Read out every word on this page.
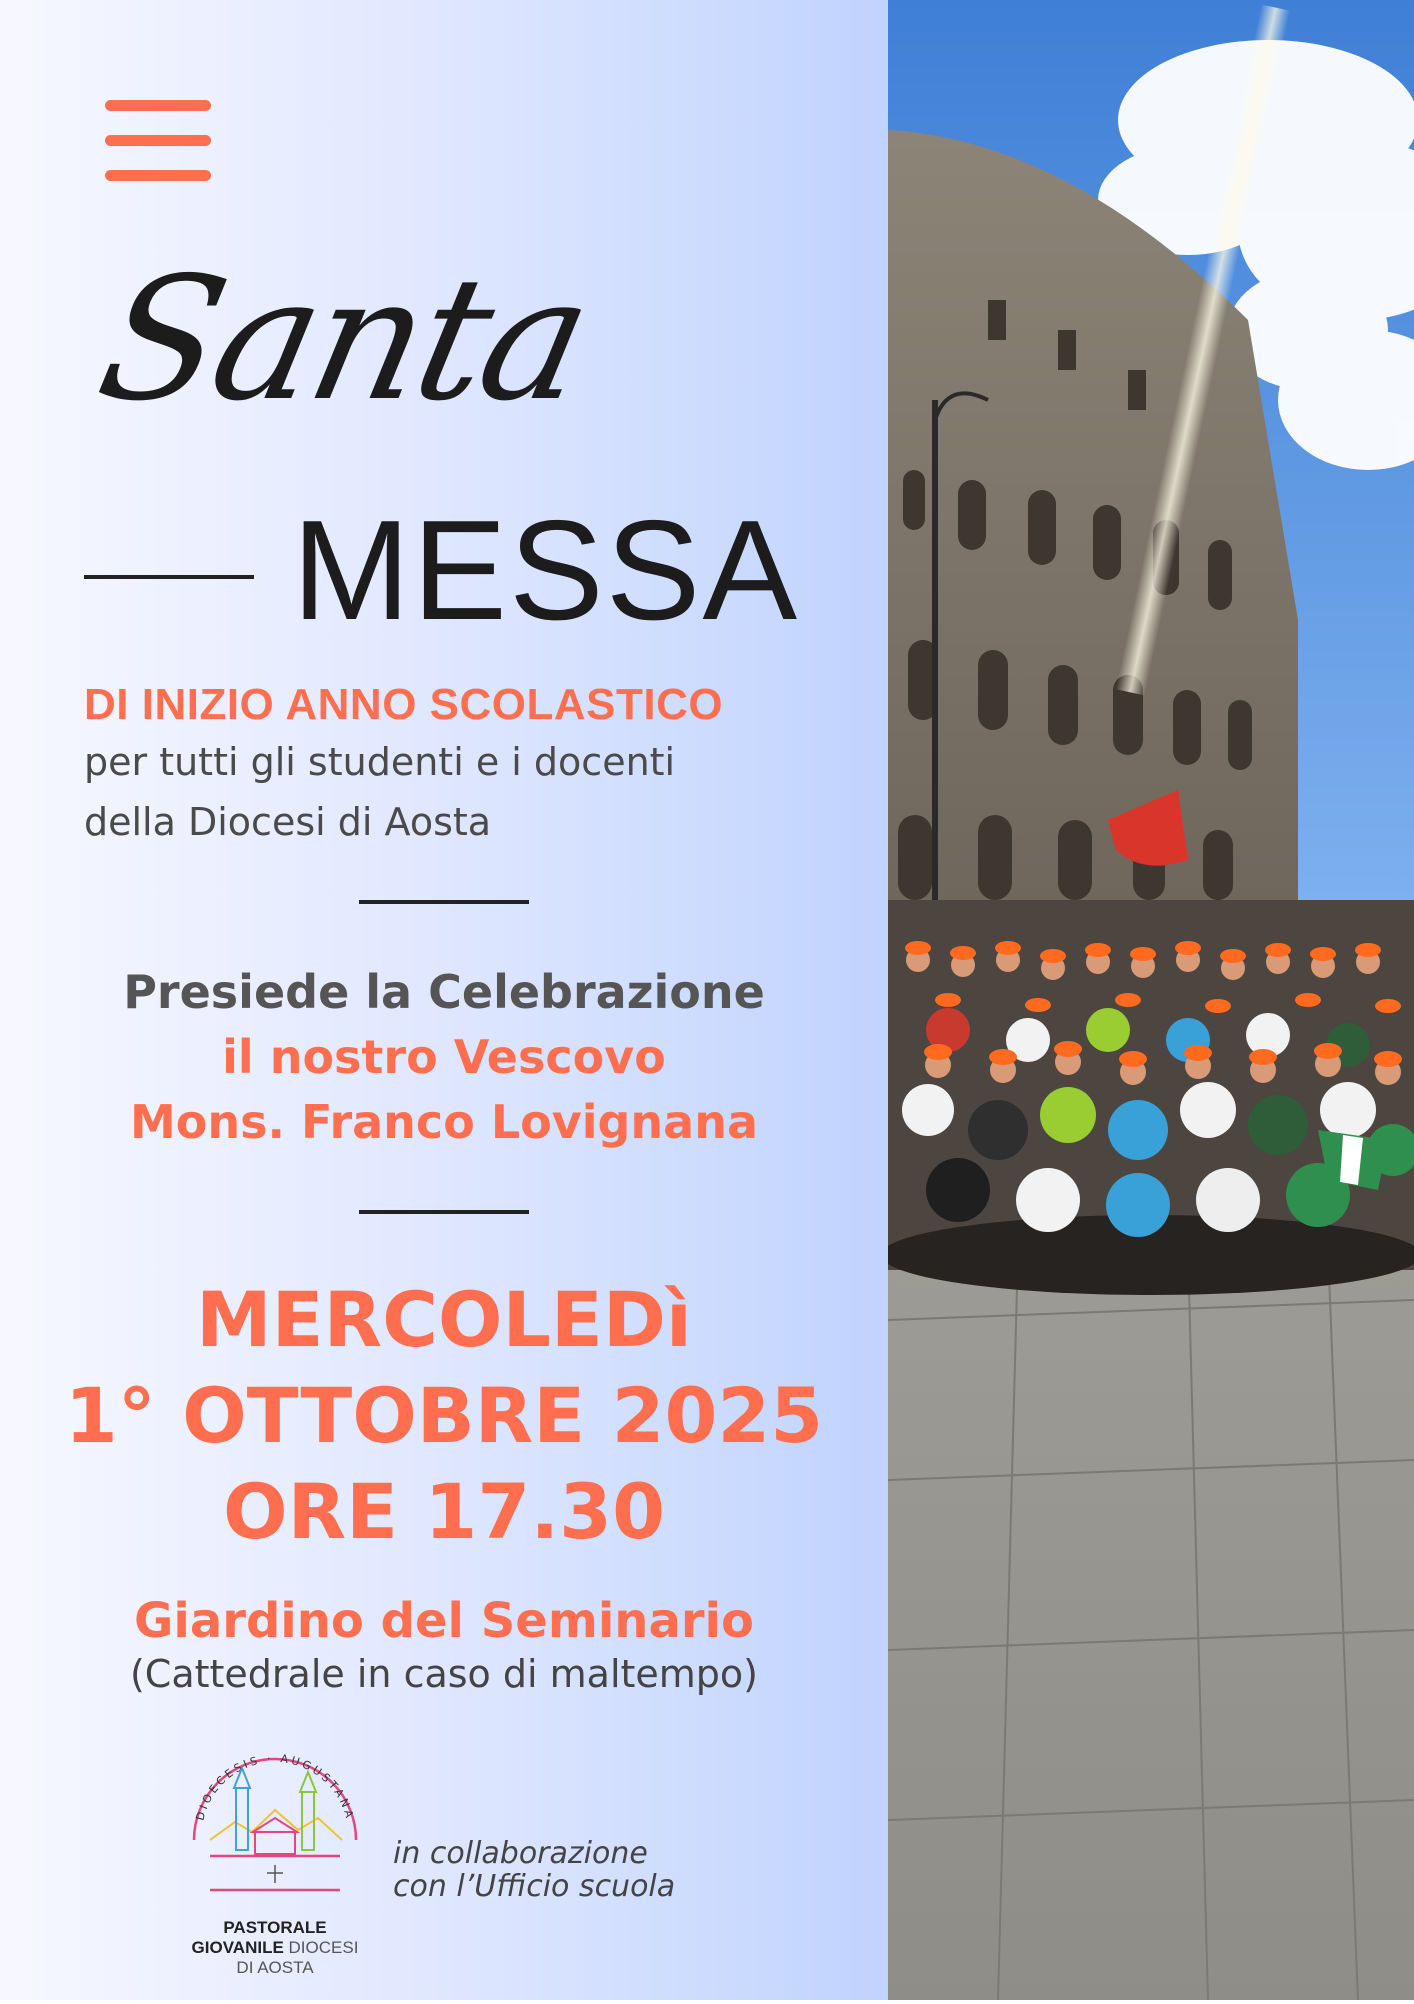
Santa
MESSA
DI INIZIO ANNO SCOLASTICO
per tutti gli studenti e i docenti
della Diocesi di Aosta
Presiede la Celebrazione
il nostro Vescovo
Mons. Franco Lovignana
MERCOLEDì
1° OTTOBRE 2025
ORE 17.30
Giardino del Seminario
(Cattedrale in caso di maltempo)
DIOECESIS · AUGUSTANA
PASTORALE
GIOVANILE DIOCESI
DI AOSTA
in collaborazione
con l’Ufficio scuola
